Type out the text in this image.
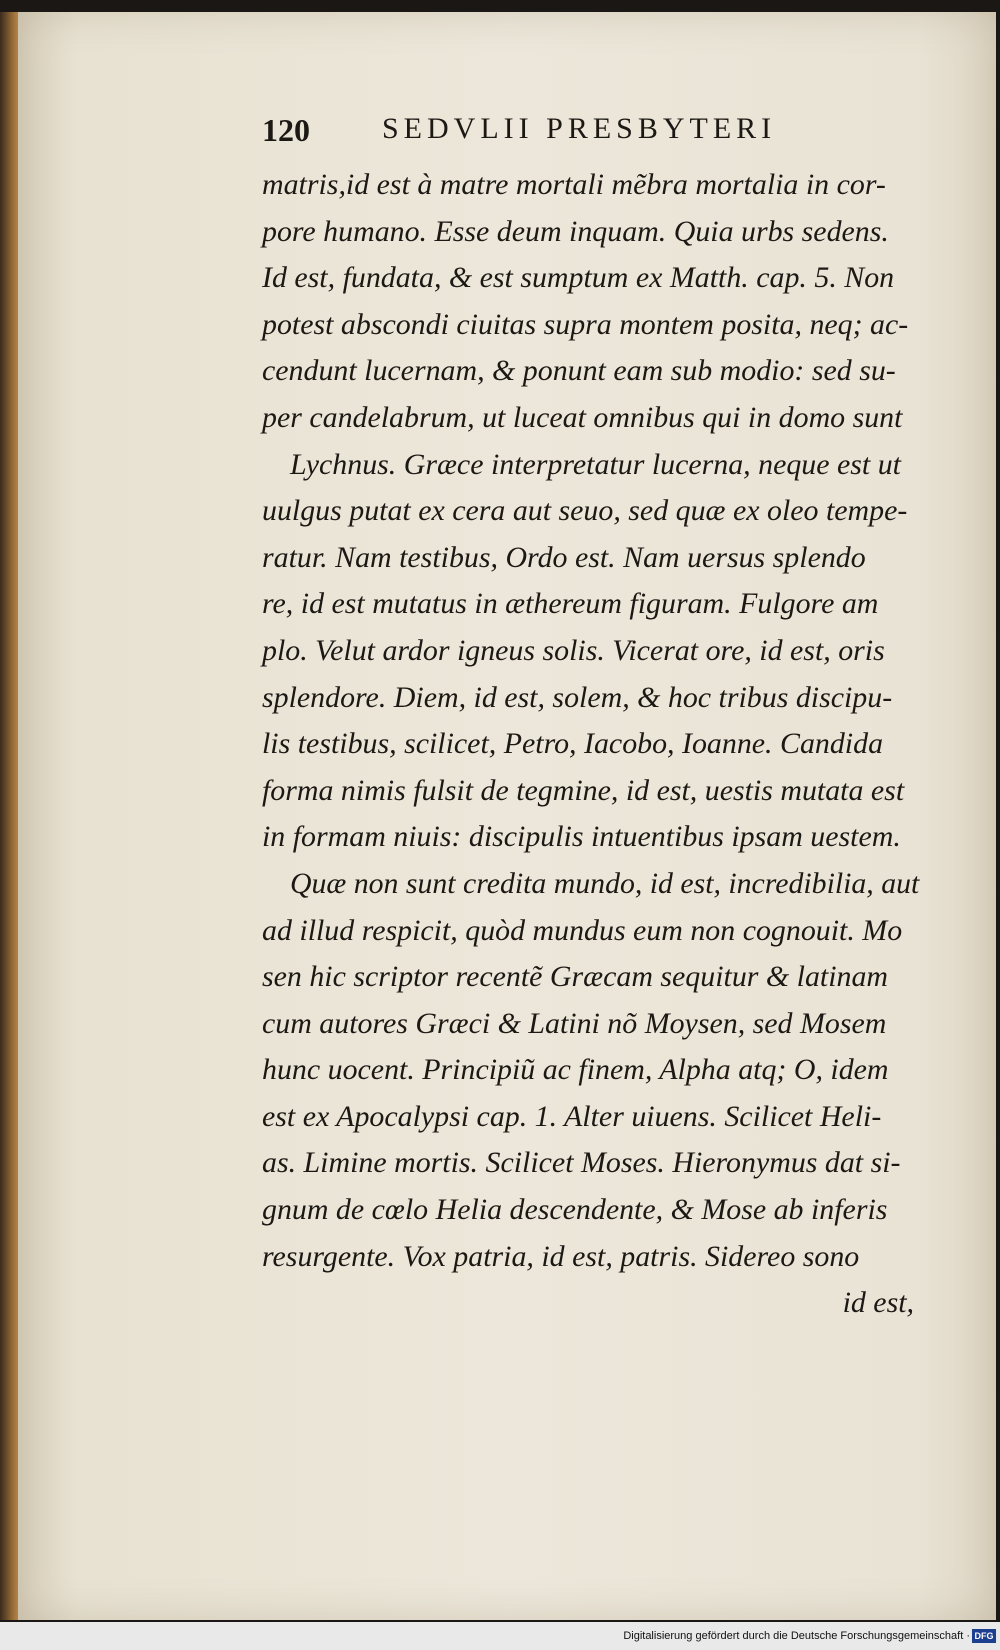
120 SEDVLII PRESBYTERI
matris,id est à matre mortali mẽbra mortalia in cor-
pore humano. Esse deum inquam. Quia urbs sedens.
Id est, fundata, & est sumptum ex Matth. cap. 5. Non
potest abscondi ciuitas supra montem posita, neq; ac-
cendunt lucernam, & ponunt eam sub modio: sed su-
per candelabrum, ut luceat omnibus qui in domo sunt
Lychnus. Græce interpretatur lucerna, neque est ut
uulgus putat ex cera aut seuo, sed quæ ex oleo tempe-
ratur. Nam testibus, Ordo est. Nam uersus splendo
re, id est mutatus in æthereum figuram. Fulgore am
plo. Velut ardor igneus solis. Vicerat ore, id est, oris
splendore. Diem, id est, solem, & hoc tribus discipu-
lis testibus, scilicet, Petro, Iacobo, Ioanne. Candida
forma nimis fulsit de tegmine, id est, uestis mutata est
in formam niuis: discipulis intuentibus ipsam uestem.
Quæ non sunt credita mundo, id est, incredibilia, aut
ad illud respicit, quòd mundus eum non cognouit. Mo
sen hic scriptor recentẽ Græcam sequitur & latinam
cum autores Græci & Latini nõ Moysen, sed Mosem
hunc uocent. Principiũ ac finem, Alpha atq; O, idem
est ex Apocalypsi cap. 1. Alter uiuens. Scilicet Heli-
as. Limine mortis. Scilicet Moses. Hieronymus dat si-
gnum de cœlo Helia descendente, & Mose ab inferis
resurgente. Vox patria, id est, patris. Sidereo sono
id est,
Digitalisierung gefördert durch die Deutsche Forschungsgemeinschaft · DFG
